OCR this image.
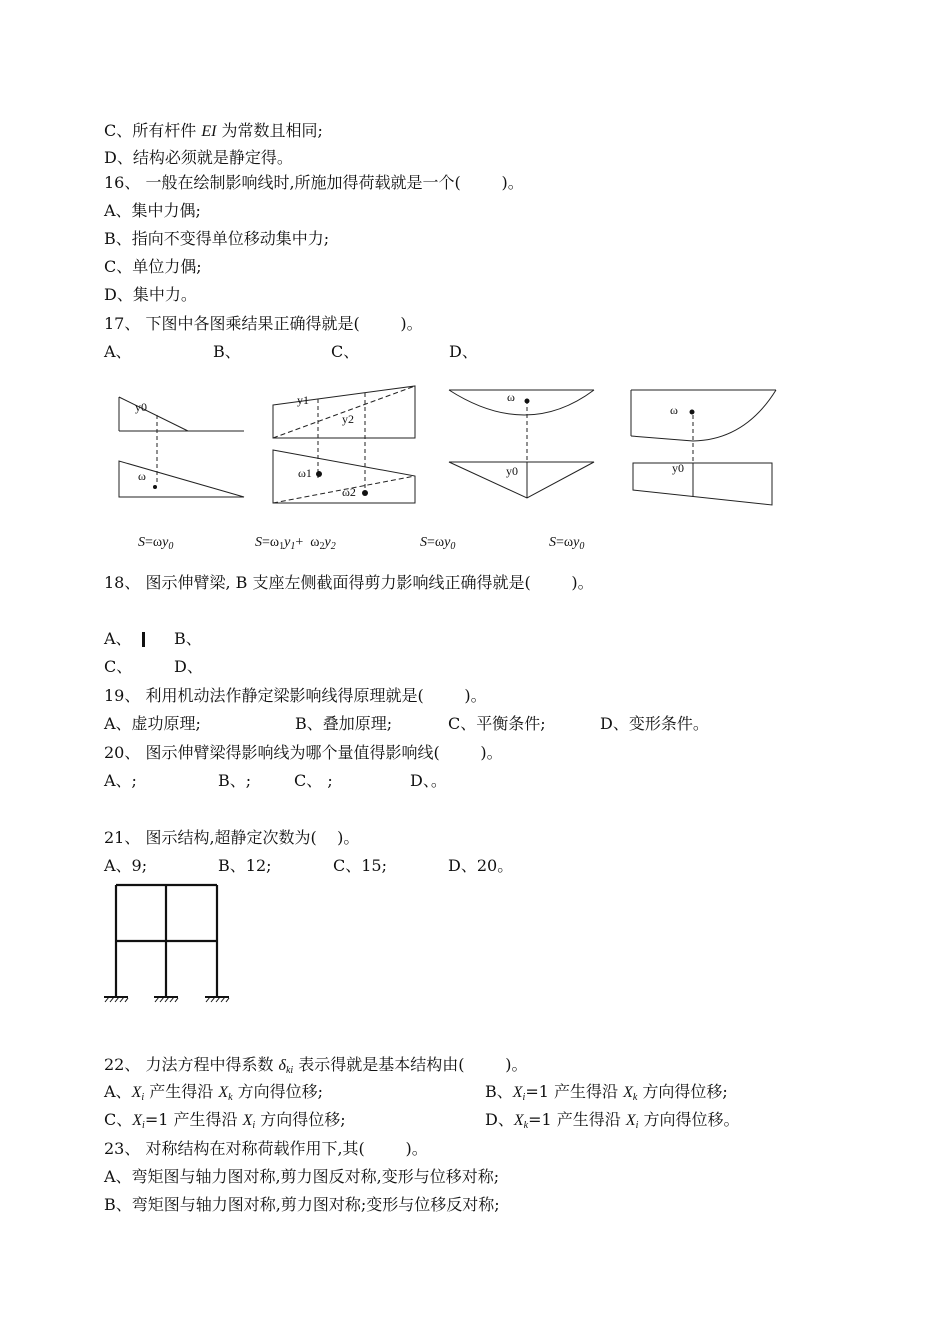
C、所有杆件 EI 为常数且相同;
D、结构必须就是静定得。
16、 一般在绘制影响线时,所施加得荷载就是一个(        )。
A、集中力偶;
B、指向不变得单位移动集中力;
C、单位力偶;
D、集中力。
17、 下图中各图乘结果正确得就是(        )。
A、	B、	C、	D、
y0
ω
y1
y2
ω1
ω2
ω
y0
ω
y0
$S=\omega y_0$	$S=\omega_1y_1+ \omega_2y_2$	$S=\omega y_0$	$S=\omega y_0$
18、 图示伸臂梁, B 支座左侧截面得剪力影响线正确得就是(        )。
A、	B、
C、	D、
19、 利用机动法作静定梁影响线得原理就是(        )。
A、虚功原理;	B、叠加原理;	C、平衡条件;	D、变形条件。
20、 图示伸臂梁得影响线为哪个量值得影响线(        )。
A、;	B、;	C、 ;	D、。
21、 图示结构,超静定次数为(    )。
A、9;	B、12;	C、15;	D、20。
22、 力法方程中得系数 $\delta_{ki}$ 表示得就是基本结构由(        )。
A、$X_i$ 产生得沿 $X_k$ 方向得位移;	B、$X_i=1$ 产生得沿 $X_k$ 方向得位移;
C、$X_i=1$ 产生得沿 $X_i$ 方向得位移;	D、$X_k=1$ 产生得沿 $X_i$ 方向得位移。
23、 对称结构在对称荷载作用下,其(        )。
A、弯矩图与轴力图对称,剪力图反对称,变形与位移对称;
B、弯矩图与轴力图对称,剪力图对称;变形与位移反对称;
